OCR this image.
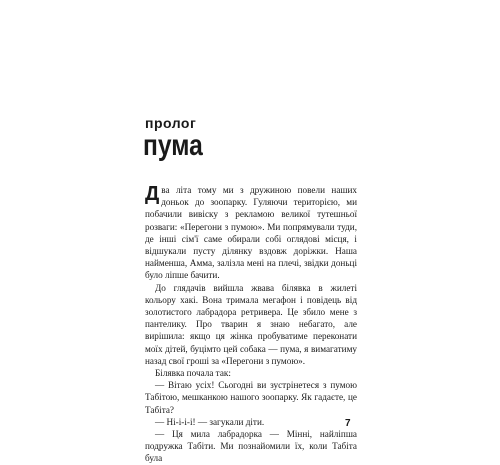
пролог
пума

Два літа тому ми з дружиною повели наших доньок до зоопарку. Гуляючи територією, ми побачили вивіску з рекламою великої тутешньої розваги: «Перегони з пумою». Ми попрямували туди, де інші сім'ї саме обирали собі оглядові місця, і відшукали пусту ділянку вздовж доріжки. Наша найменша, Амма, залізла мені на плечі, звідки доньці було ліпше бачити.

До глядачів вийшла жвава білявка в жилеті кольору хакі. Вона тримала мегафон і повідець від золотистого лабрадора ретривера. Це збило мене з пантелику. Про тварин я знаю небагато, але вирішила: якщо ця жінка пробуватиме переконати моїх дітей, буцімто цей собака — пума, я вимагатиму назад свої гроші за «Перегони з пумою».

Білявка почала так:

— Вітаю усіх! Сьогодні ви зустрінетеся з пумою Табітою, мешканкою нашого зоопарку. Як гадаєте, це Табіта?

— Ні-і-і-і! — загукали діти.

— Ця мила лабрадорка — Мінні, найліпша подружка Табіти. Ми познайомили їх, коли Табіта була

7
